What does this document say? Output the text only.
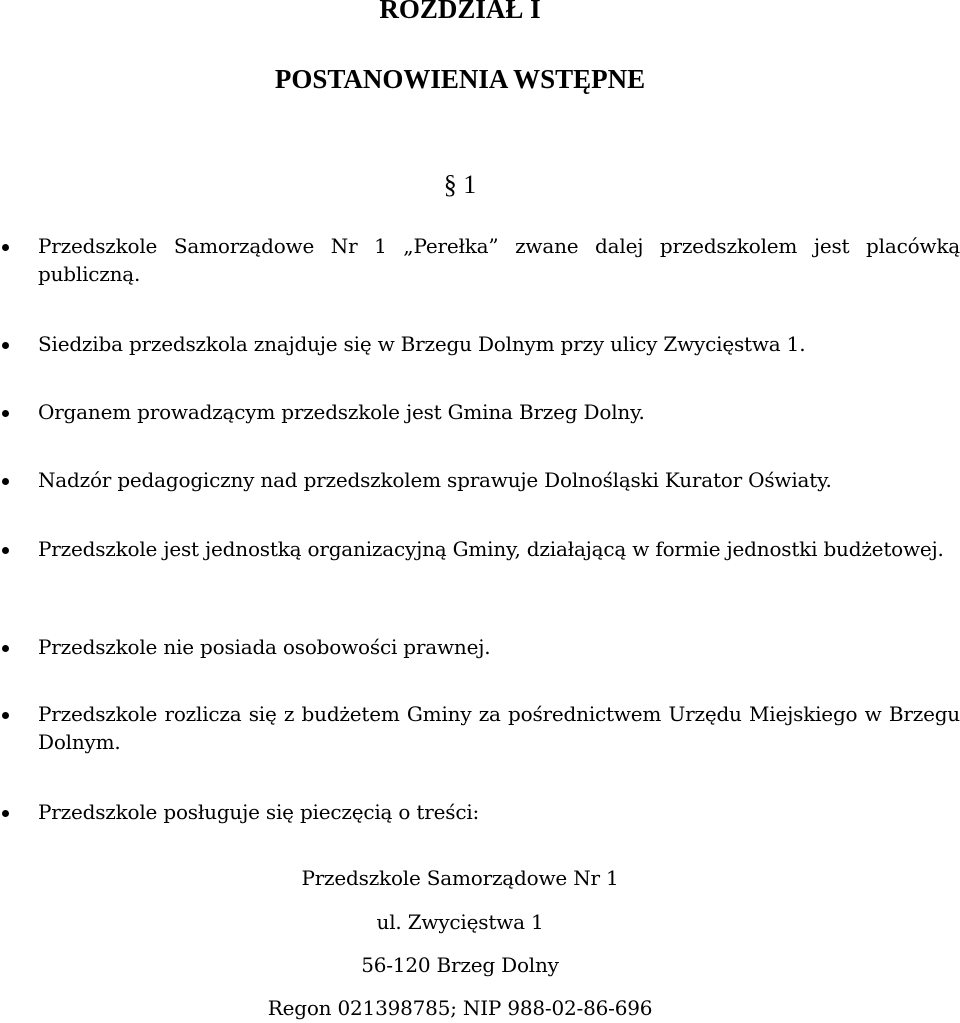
ROZDZIAŁ I
POSTANOWIENIA WSTĘPNE
§ 1
Przedszkole Samorządowe Nr 1 „Perełka” zwane dalej przedszkolem jest placówką publiczną.
Siedziba przedszkola znajduje się w Brzegu Dolnym przy ulicy Zwycięstwa 1.
Organem prowadzącym przedszkole jest Gmina Brzeg Dolny.
Nadzór pedagogiczny nad przedszkolem sprawuje Dolnośląski Kurator Oświaty.
Przedszkole jest jednostką organizacyjną Gminy, działającą w formie jednostki budżetowej.
Przedszkole nie posiada osobowości prawnej.
Przedszkole rozlicza się z budżetem Gminy za pośrednictwem Urzędu Miejskiego w Brzegu Dolnym.
Przedszkole posługuje się pieczęcią o treści:
Przedszkole Samorządowe Nr 1
ul. Zwycięstwa 1
56-120 Brzeg Dolny
Regon 021398785; NIP 988-02-86-696
